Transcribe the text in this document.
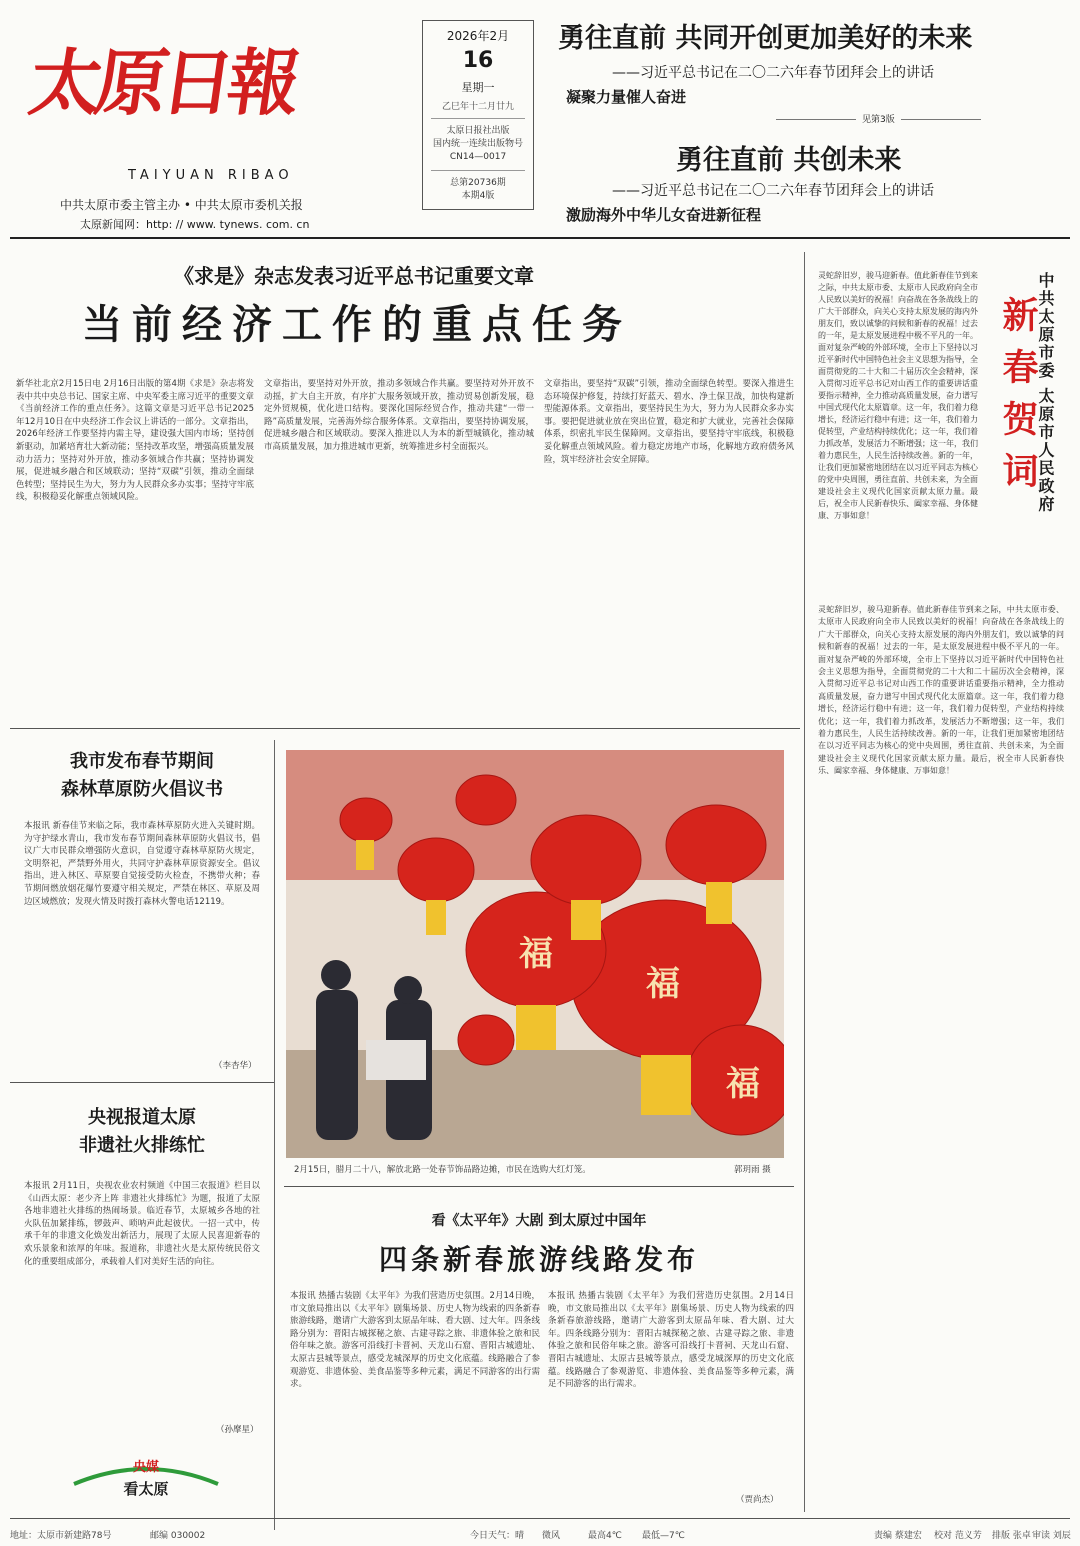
太原日報
TAIYUAN RIBAO
中共太原市委主管主办 • 中共太原市委机关报
太原新闻网：http: // www. tynews. com. cn
2026年2月
16
星期一
乙巳年十二月廿九
太原日报社出版
国内统一连续出版物号
CN14—0017
总第20736期
本期4版
勇往直前 共同开创更加美好的未来
——习近平总书记在二〇二六年春节团拜会上的讲话
凝聚力量催人奋进
见第3版
勇往直前 共创未来
——习近平总书记在二〇二六年春节团拜会上的讲话
激励海外中华儿女奋进新征程
《求是》杂志发表习近平总书记重要文章
当前经济工作的重点任务
新华社北京2月15日电 2月16日出版的第4期《求是》杂志将发表中共中央总书记、国家主席、中央军委主席习近平的重要文章《当前经济工作的重点任务》。这篇文章是习近平总书记2025年12月10日在中央经济工作会议上讲话的一部分。文章指出，2026年经济工作要坚持内需主导，建设强大国内市场；坚持创新驱动，加紧培育壮大新动能；坚持改革攻坚，增强高质量发展动力活力；坚持对外开放，推动多领域合作共赢；坚持协调发展，促进城乡融合和区域联动；坚持“双碳”引领，推动全面绿色转型；坚持民生为大，努力为人民群众多办实事；坚持守牢底线，积极稳妥化解重点领域风险。
文章指出，要坚持对外开放，推动多领域合作共赢。要坚持对外开放不动摇，扩大自主开放，有序扩大服务领域开放，推动贸易创新发展，稳定外贸规模，优化进口结构。要深化国际经贸合作，推动共建“一带一路”高质量发展，完善海外综合服务体系。文章指出，要坚持协调发展，促进城乡融合和区域联动。要深入推进以人为本的新型城镇化，推动城市高质量发展，加力推进城市更新，统筹推进乡村全面振兴。
文章指出，要坚持“双碳”引领，推动全面绿色转型。要深入推进生态环境保护修复，持续打好蓝天、碧水、净土保卫战，加快构建新型能源体系。文章指出，要坚持民生为大，努力为人民群众多办实事。要把促进就业放在突出位置，稳定和扩大就业，完善社会保障体系，织密扎牢民生保障网。文章指出，要坚持守牢底线，积极稳妥化解重点领域风险。着力稳定房地产市场，化解地方政府债务风险，筑牢经济社会安全屏障。	新春贺词
中共太原市委 太原市人民政府
灵蛇辞旧岁，骏马迎新春。值此新春佳节到来之际，中共太原市委、太原市人民政府向全市人民致以美好的祝福！向奋战在各条战线上的广大干部群众，向关心支持太原发展的海内外朋友们，致以诚挚的问候和新春的祝福！过去的一年，是太原发展进程中极不平凡的一年。面对复杂严峻的外部环境，全市上下坚持以习近平新时代中国特色社会主义思想为指导，全面贯彻党的二十大和二十届历次全会精神，深入贯彻习近平总书记对山西工作的重要讲话重要指示精神，全力推动高质量发展，奋力谱写中国式现代化太原篇章。这一年，我们着力稳增长，经济运行稳中有进；这一年，我们着力促转型，产业结构持续优化；这一年，我们着力抓改革，发展活力不断增强；这一年，我们着力惠民生，人民生活持续改善。新的一年，让我们更加紧密地团结在以习近平同志为核心的党中央周围，勇往直前、共创未来，为全面建设社会主义现代化国家贡献太原力量。最后，祝全市人民新春快乐、阖家幸福、身体健康、万事如意！
灵蛇辞旧岁，骏马迎新春。值此新春佳节到来之际，中共太原市委、太原市人民政府向全市人民致以美好的祝福！向奋战在各条战线上的广大干部群众，向关心支持太原发展的海内外朋友们，致以诚挚的问候和新春的祝福！过去的一年，是太原发展进程中极不平凡的一年。面对复杂严峻的外部环境，全市上下坚持以习近平新时代中国特色社会主义思想为指导，全面贯彻党的二十大和二十届历次全会精神，深入贯彻习近平总书记对山西工作的重要讲话重要指示精神，全力推动高质量发展，奋力谱写中国式现代化太原篇章。这一年，我们着力稳增长，经济运行稳中有进；这一年，我们着力促转型，产业结构持续优化；这一年，我们着力抓改革，发展活力不断增强；这一年，我们着力惠民生，人民生活持续改善。新的一年，让我们更加紧密地团结在以习近平同志为核心的党中央周围，勇往直前、共创未来，为全面建设社会主义现代化国家贡献太原力量。最后，祝全市人民新春快乐、阖家幸福、身体健康、万事如意！
我市发布春节期间
森林草原防火倡议书
本报讯 新春佳节来临之际，我市森林草原防火进入关键时期。为守护绿水青山，我市发布春节期间森林草原防火倡议书，倡议广大市民群众增强防火意识，自觉遵守森林草原防火规定，文明祭祀，严禁野外用火，共同守护森林草原资源安全。倡议指出，进入林区、草原要自觉接受防火检查，不携带火种；春节期间燃放烟花爆竹要遵守相关规定，严禁在林区、草原及周边区域燃放；发现火情及时拨打森林火警电话12119。
（李杏华）
福
福
福
2月15日，腊月二十八，解放北路一处春节饰品路边摊，市民在选购大红灯笼。	郭玥雨 摄
央视报道太原
非遗社火排练忙
本报讯 2月11日，央视农业农村频道《中国三农报道》栏目以《山西太原：老少齐上阵 非遗社火排练忙》为题，报道了太原各地非遗社火排练的热闹场景。临近春节，太原城乡各地的社火队伍加紧排练，锣鼓声、唢呐声此起彼伏。一招一式中，传承千年的非遗文化焕发出新活力，展现了太原人民喜迎新春的欢乐景象和浓厚的年味。报道称，非遗社火是太原传统民俗文化的重要组成部分，承载着人们对美好生活的向往。
（孙摩星）
央媒
看太原
看《太平年》大剧 到太原过中国年
四条新春旅游线路发布
本报讯 热播古装剧《太平年》为我们营造历史氛围。2月14日晚，市文旅局推出以《太平年》剧集场景、历史人物为线索的四条新春旅游线路，邀请广大游客到太原品年味、看大剧、过大年。四条线路分别为：晋阳古城探秘之旅、古建寻踪之旅、非遗体验之旅和民俗年味之旅。游客可沿线打卡晋祠、天龙山石窟、晋阳古城遗址、太原古县城等景点，感受龙城深厚的历史文化底蕴。线路融合了参观游览、非遗体验、美食品鉴等多种元素，满足不同游客的出行需求。
本报讯 热播古装剧《太平年》为我们营造历史氛围。2月14日晚，市文旅局推出以《太平年》剧集场景、历史人物为线索的四条新春旅游线路，邀请广大游客到太原品年味、看大剧、过大年。四条线路分别为：晋阳古城探秘之旅、古建寻踪之旅、非遗体验之旅和民俗年味之旅。游客可沿线打卡晋祠、天龙山石窟、晋阳古城遗址、太原古县城等景点，感受龙城深厚的历史文化底蕴。线路融合了参观游览、非遗体验、美食品鉴等多种元素，满足不同游客的出行需求。
（贾尚杰）
地址：太原市新建路78号	邮编 030002	今日天气：晴 微风	最高4℃ 最低—7℃	责编 蔡建宏 校对 范义芳 排版 张卓 审读 刘辰
